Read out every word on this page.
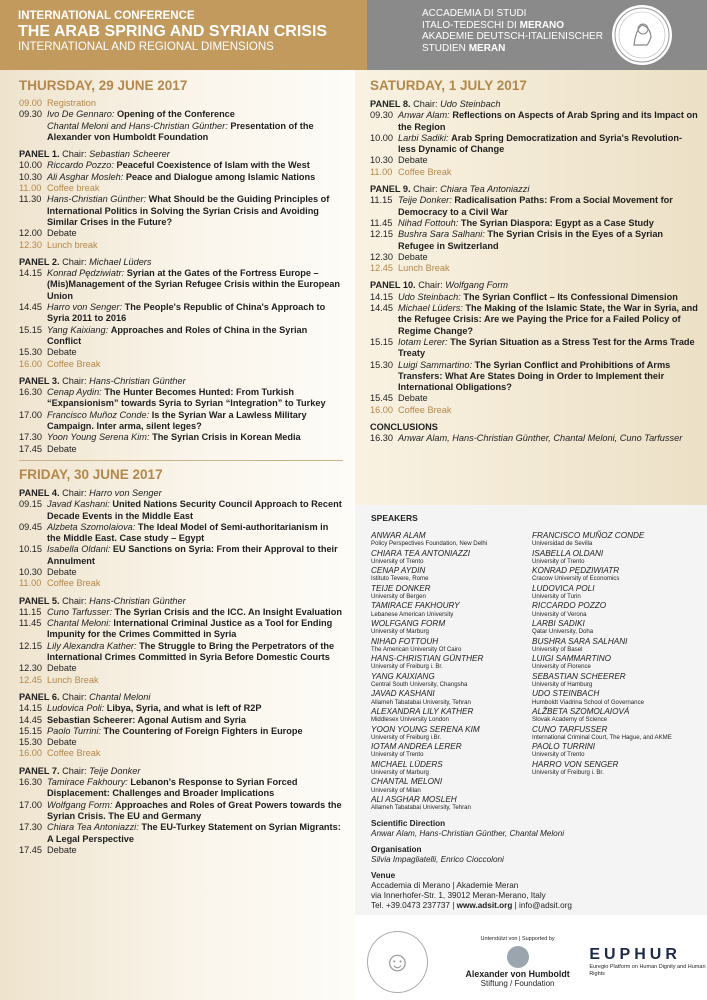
INTERNATIONAL CONFERENCE
THE ARAB SPRING AND SYRIAN CRISIS
INTERNATIONAL AND REGIONAL DIMENSIONS
ACCADEMIA DI STUDI
ITALO-TEDESCHI DI MERANO
AKADEMIE DEUTSCH-ITALIENISCHER
STUDIEN MERAN
THURSDAY, 29 JUNE 2017
09.00 Registration
09.30 Ivo De Gennaro: Opening of the Conference
Chantal Meloni and Hans-Christian Günther: Presentation of the Alexander von Humboldt Foundation
PANEL 1. Chair: Sebastian Scheerer
10.00 Riccardo Pozzo: Peaceful Coexistence of Islam with the West
10.30 Ali Asghar Mosleh: Peace and Dialogue among Islamic Nations
11.00 Coffee break
11.30 Hans-Christian Günther: What Should be the Guiding Principles of International Politics in Solving the Syrian Crisis and Avoiding Similar Crises in the Future?
12.00 Debate
12.30 Lunch break
PANEL 2. Chair: Michael Lüders
14.15 Konrad Pędziwiatr: Syrian at the Gates of the Fortress Europe – (Mis)Management of the Syrian Refugee Crisis within the European Union
14.45 Harro von Senger: The People's Republic of China's Approach to Syria 2011 to 2016
15.15 Yang Kaixiang: Approaches and Roles of China in the Syrian Conflict
15.30 Debate
16.00 Coffee Break
PANEL 3. Chair: Hans-Christian Günther
16.30 Cenap Aydin: The Hunter Becomes Hunted: From Turkish “Expansionism” towards Syria to Syrian “Integration” to Turkey
17.00 Francisco Muñoz Conde: Is the Syrian War a Lawless Military Campaign. Inter arma, silent leges?
17.30 Yoon Young Serena Kim: The Syrian Crisis in Korean Media
17.45 Debate
FRIDAY, 30 JUNE 2017
PANEL 4. Chair: Harro von Senger
09.15 Javad Kashani: United Nations Security Council Approach to Recent Decade Events in the Middle East
09.45 Alzbeta Szomolaiova: The Ideal Model of Semi-authoritarianism in the Middle East. Case study – Egypt
10.15 Isabella Oldani: EU Sanctions on Syria: From their Approval to their Annulment
10.30 Debate
11.00 Coffee Break
PANEL 5. Chair: Hans-Christian Günther
11.15 Cuno Tarfusser: The Syrian Crisis and the ICC. An Insight Evaluation
11.45 Chantal Meloni: International Criminal Justice as a Tool for Ending Impunity for the Crimes Committed in Syria
12.15 Lily Alexandra Kather: The Struggle to Bring the Perpetrators of the International Crimes Committed in Syria Before Domestic Courts
12.30 Debate
12.45 Lunch Break
PANEL 6. Chair: Chantal Meloni
14.15 Ludovica Poli: Libya, Syria, and what is left of R2P
14.45 Sebastian Scheerer: Agonal Autism and Syria
15.15 Paolo Turrini: The Countering of Foreign Fighters in Europe
15.30 Debate
16.00 Coffee Break
PANEL 7. Chair: Teije Donker
16.30 Tamirace Fakhoury: Lebanon's Response to Syrian Forced Displacement: Challenges and Broader Implications
17.00 Wolfgang Form: Approaches and Roles of Great Powers towards the Syrian Crisis. The EU and Germany
17.30 Chiara Tea Antoniazzi: The EU-Turkey Statement on Syrian Migrants: A Legal Perspective
17.45 Debate
SATURDAY, 1 JULY 2017
PANEL 8. Chair: Udo Steinbach
09.30 Anwar Alam: Reflections on Aspects of Arab Spring and its Impact on the Region
10.00 Larbi Sadiki: Arab Spring Democratization and Syria's Revolution-less Dynamic of Change
10.30 Debate
11.00 Coffee Break
PANEL 9. Chair: Chiara Tea Antoniazzi
11.15 Teije Donker: Radicalisation Paths: From a Social Movement for Democracy to a Civil War
11.45 Nihad Fottouh: The Syrian Diaspora: Egypt as a Case Study
12.15 Bushra Sara Salhani: The Syrian Crisis in the Eyes of a Syrian Refugee in Switzerland
12.30 Debate
12.45 Lunch Break
PANEL 10. Chair: Wolfgang Form
14.15 Udo Steinbach: The Syrian Conflict – Its Confessional Dimension
14.45 Michael Lüders: The Making of the Islamic State, the War in Syria, and the Refugee Crisis: Are we Paying the Price for a Failed Policy of Regime Change?
15.15 Iotam Lerer: The Syrian Situation as a Stress Test for the Arms Trade Treaty
15.30 Luigi Sammartino: The Syrian Conflict and Prohibitions of Arms Transfers: What Are States Doing in Order to Implement their International Obligations?
15.45 Debate
16.00 Coffee Break
CONCLUSIONS
16.30 Anwar Alam, Hans-Christian Günther, Chantal Meloni, Cuno Tarfusser
SPEAKERS
ANWAR ALAM
Policy Perspectives Foundation, New Delhi
CHIARA TEA ANTONIAZZI
University of Trento
CENAP AYDIN
Istituto Tevere, Rome
TEIJE DONKER
University of Bergen
TAMIRACE FAKHOURY
Lebanese American University
WOLFGANG FORM
University of Marburg
NIHAD FOTTOUH
The American University Of Cairo
HANS-CHRISTIAN GÜNTHER
University of Freiburg i. Br.
YANG KAIXIANG
Central South University, Changsha
JAVAD KASHANI
Allameh Tabatabai University, Tehran
ALEXANDRA LILY KATHER
Middlesex University London
YOON YOUNG SERENA KIM
University of Freiburg i.Br.
IOTAM ANDREA LERER
University of Trento
MICHAEL LÜDERS
University of Marburg
CHANTAL MELONI
University of Milan
ALI ASGHAR MOSLEH
Allameh Tabatabai University, Tehran
FRANCISCO MUÑOZ CONDE
Universidad de Sevilla
ISABELLA OLDANI
University of Trento
KONRAD PĘDZIWIATR
Cracow University of Economics
LUDOVICA POLI
University of Turin
RICCARDO POZZO
University of Verona
LARBI SADIKI
Qatar University, Doha
BUSHRA SARA SALHANI
University of Basel
LUIGI SAMMARTINO
University of Florence
SEBASTIAN SCHEERER
University of Hamburg
UDO STEINBACH
Humboldt Viadrina School of Governance
ALŽBETA SZOMOLAIOVÁ
Slovak Academy of Science
CUNO TARFUSSER
International Criminal Court, The Hague, and AKME
PAOLO TURRINI
University of Trento
HARRO VON SENGER
University of Freiburg i. Br.
Scientific Direction
Anwar Alam, Hans-Christian Günther, Chantal Meloni
Organisation
Silvia Impagliatelli, Enrico Cioccoloni
Venue
Accademia di Merano | Akademie Meran
via Innerhofer-Str. 1, 39012 Meran-Merano, Italy
Tel. +39.0473 237737 | www.adsit.org | info@adsit.org
☺
Unterstützt von | Supported by
Alexander von Humboldt
Stiftung / Foundation
EUPHUR
Euregio Platform on Human Dignity and Human Rights
